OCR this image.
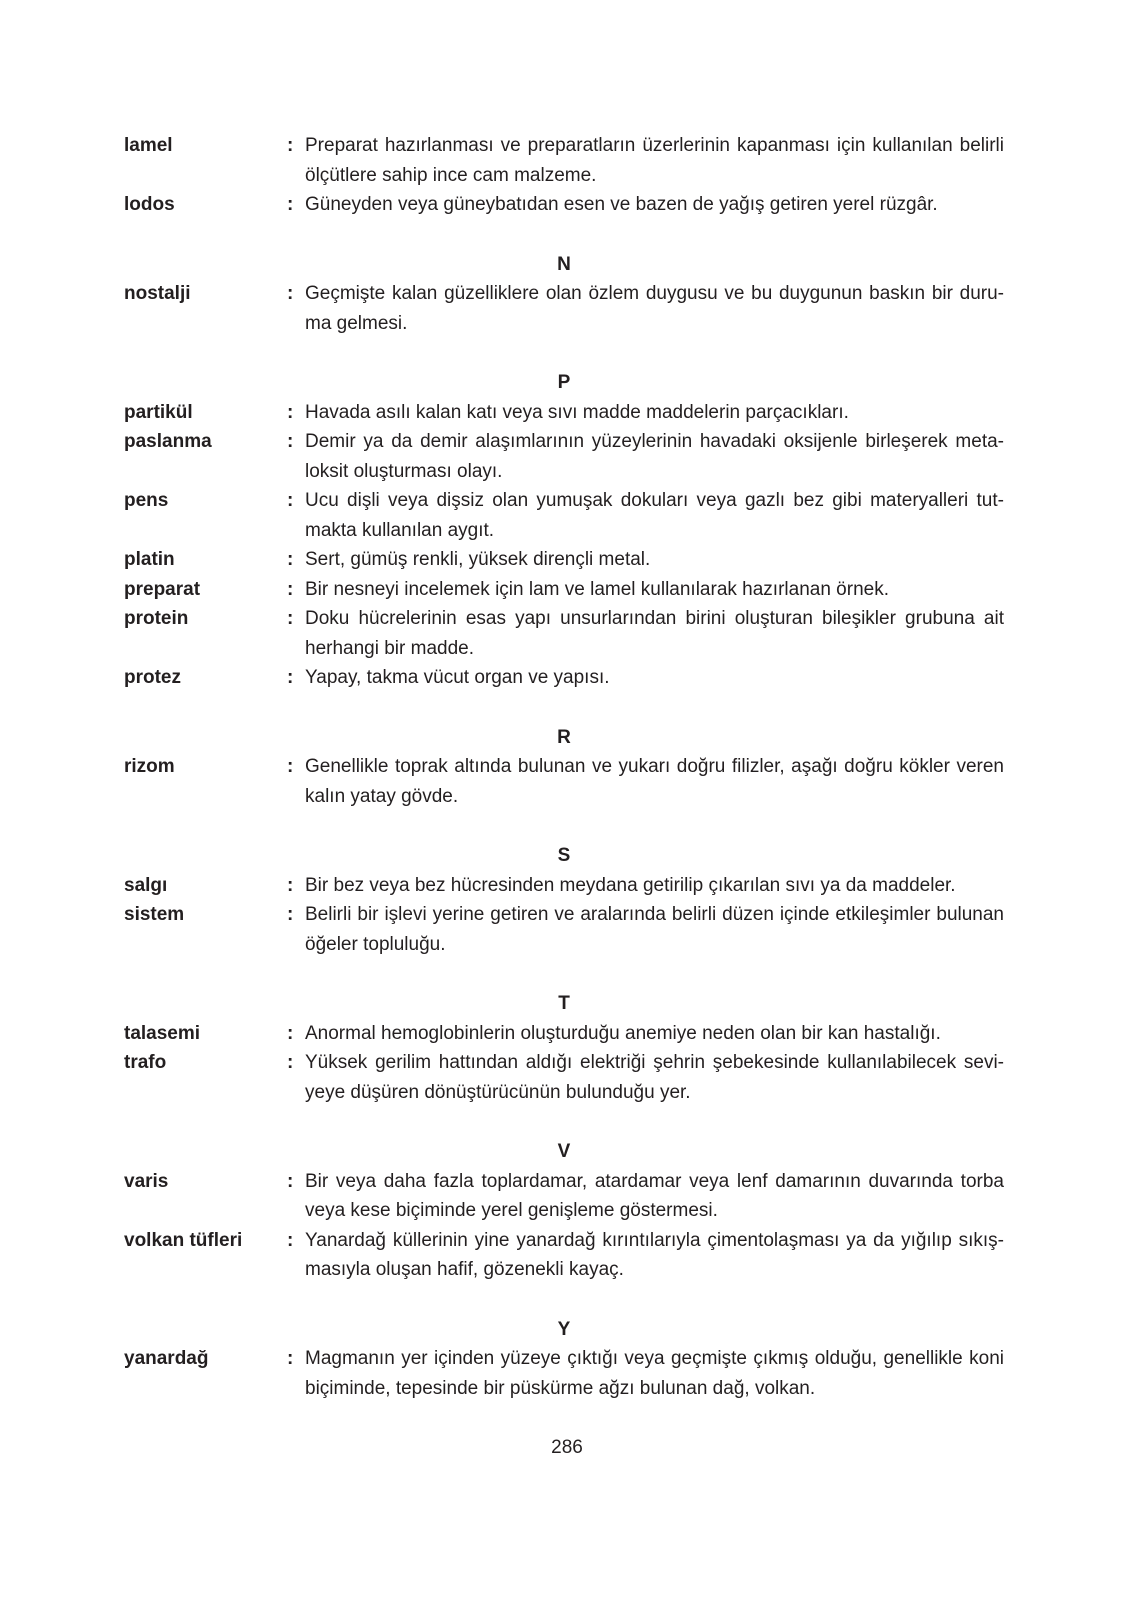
lamel	: Preparat hazırlanması ve preparatların üzerlerinin kapanması için kullanılan belirli
ölçütlere sahip ince cam malzeme.
lodos	: Güneyden veya güneybatıdan esen ve bazen de yağış getiren yerel rüzgâr.
N
nostalji	: Geçmişte kalan güzelliklere olan özlem duygusu ve bu duygunun baskın bir duru-
ma gelmesi.
P
partikül	: Havada asılı kalan katı veya sıvı madde maddelerin parçacıkları.
paslanma	: Demir ya da demir alaşımlarının yüzeylerinin havadaki oksijenle birleşerek meta-
loksit oluşturması olayı.
pens	: Ucu dişli veya dişsiz olan yumuşak dokuları veya gazlı bez gibi materyalleri tut-
makta kullanılan aygıt.
platin	: Sert, gümüş renkli, yüksek dirençli metal.
preparat	: Bir nesneyi incelemek için lam ve lamel kullanılarak hazırlanan örnek.
protein	: Doku hücrelerinin esas yapı unsurlarından birini oluşturan bileşikler grubuna ait
herhangi bir madde.
protez	: Yapay, takma vücut organ ve yapısı.
R
rizom	: Genellikle toprak altında bulunan ve yukarı doğru filizler, aşağı doğru kökler veren
kalın yatay gövde.
S
salgı	: Bir bez veya bez hücresinden meydana getirilip çıkarılan sıvı ya da maddeler.
sistem	: Belirli bir işlevi yerine getiren ve aralarında belirli düzen içinde etkileşimler bulunan
öğeler topluluğu.
T
talasemi	: Anormal hemoglobinlerin oluşturduğu anemiye neden olan bir kan hastalığı.
trafo	: Yüksek gerilim hattından aldığı elektriği şehrin şebekesinde kullanılabilecek sevi-
yeye düşüren dönüştürücünün bulunduğu yer.
V
varis	: Bir veya daha fazla toplardamar, atardamar veya lenf damarının duvarında torba
veya kese biçiminde yerel genişleme göstermesi.
volkan tüfleri	: Yanardağ küllerinin yine yanardağ kırıntılarıyla çimentolaşması ya da yığılıp sıkış-
masıyla oluşan hafif, gözenekli kayaç.
Y
yanardağ	: Magmanın yer içinden yüzeye çıktığı veya geçmişte çıkmış olduğu, genellikle koni
biçiminde, tepesinde bir püskürme ağzı bulunan dağ, volkan.
286
